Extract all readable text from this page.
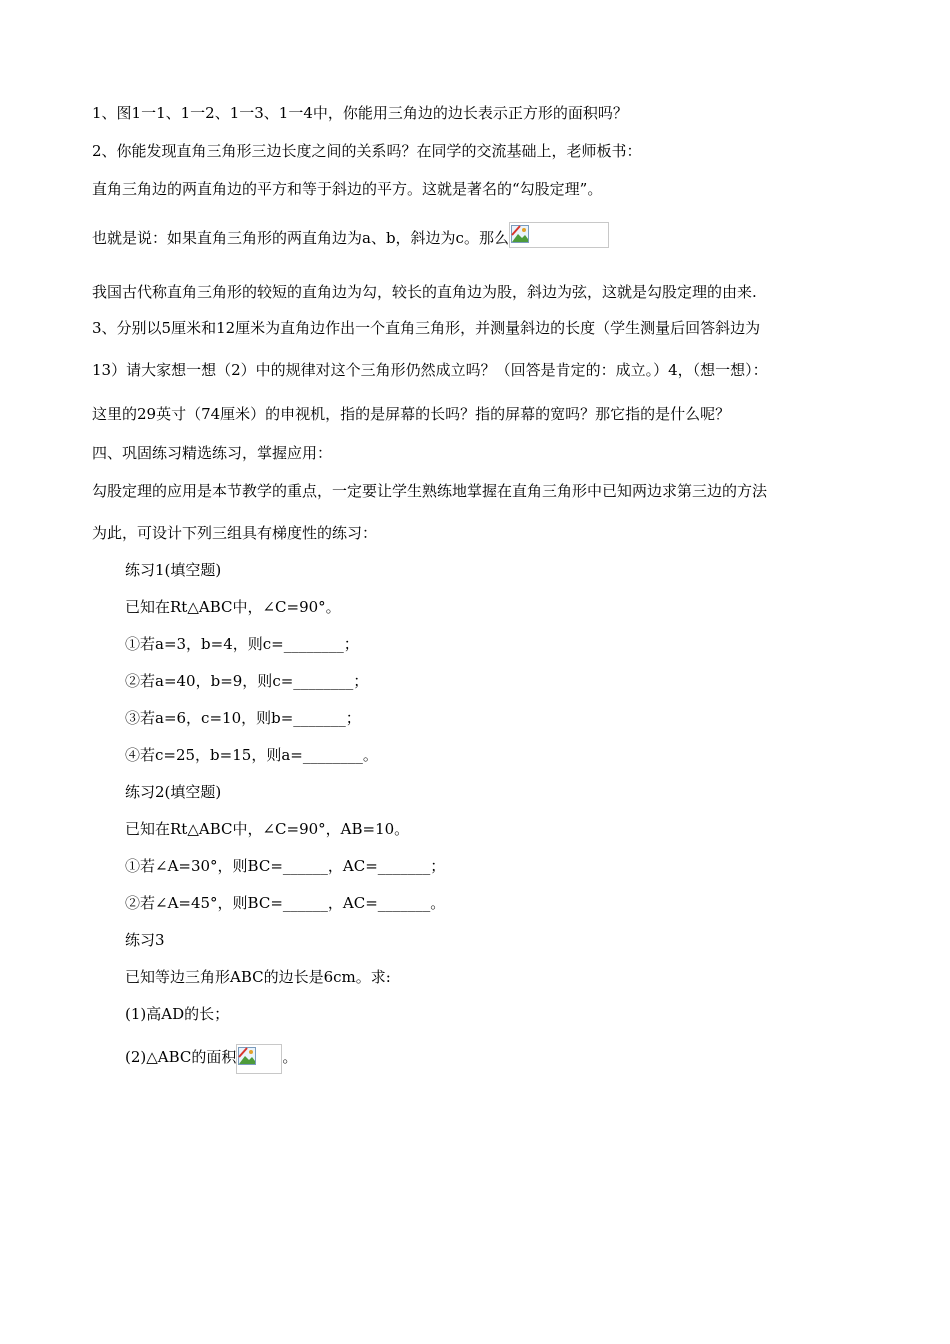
1、图1一1、1一2、1一3、1一4中，你能用三角边的边长表示正方形的面积吗？
2、你能发现直角三角形三边长度之间的关系吗？在同学的交流基础上，老师板书：
直角三角边的两直角边的平方和等于斜边的平方。这就是著名的“勾股定理”。
也就是说：如果直角三角形的两直角边为a、b，斜边为c。那么
我国古代称直角三角形的较短的直角边为勾，较长的直角边为股，斜边为弦，这就是勾股定理的由来.
3、分别以5厘米和12厘米为直角边作出一个直角三角形，并测量斜边的长度（学生测量后回答斜边为
13）请大家想一想（2）中的规律对这个三角形仍然成立吗？（回答是肯定的：成立。）4，（想一想）：
这里的29英寸（74厘米）的申视机，指的是屏幕的长吗？指的屏幕的宽吗？那它指的是什么呢？
四、巩固练习精选练习，掌握应用：
勾股定理的应用是本节教学的重点，一定要让学生熟练地掌握在直角三角形中已知两边求第三边的方法
为此，可设计下列三组具有梯度性的练习：
练习1(填空题)
已知在Rt△ABC中，∠C=90°。
①若a=3，b=4，则c=________；
②若a=40，b=9，则c=________；
③若a=6，c=10，则b=_______；
④若c=25，b=15，则a=________。
练习2(填空题)
已知在Rt△ABC中，∠C=90°，AB=10。
①若∠A=30°，则BC=______，AC=_______；
②若∠A=45°，则BC=______，AC=_______。
练习3
已知等边三角形ABC的边长是6cm。求:
(1)高AD的长；
(2)△ABC的面积	。
